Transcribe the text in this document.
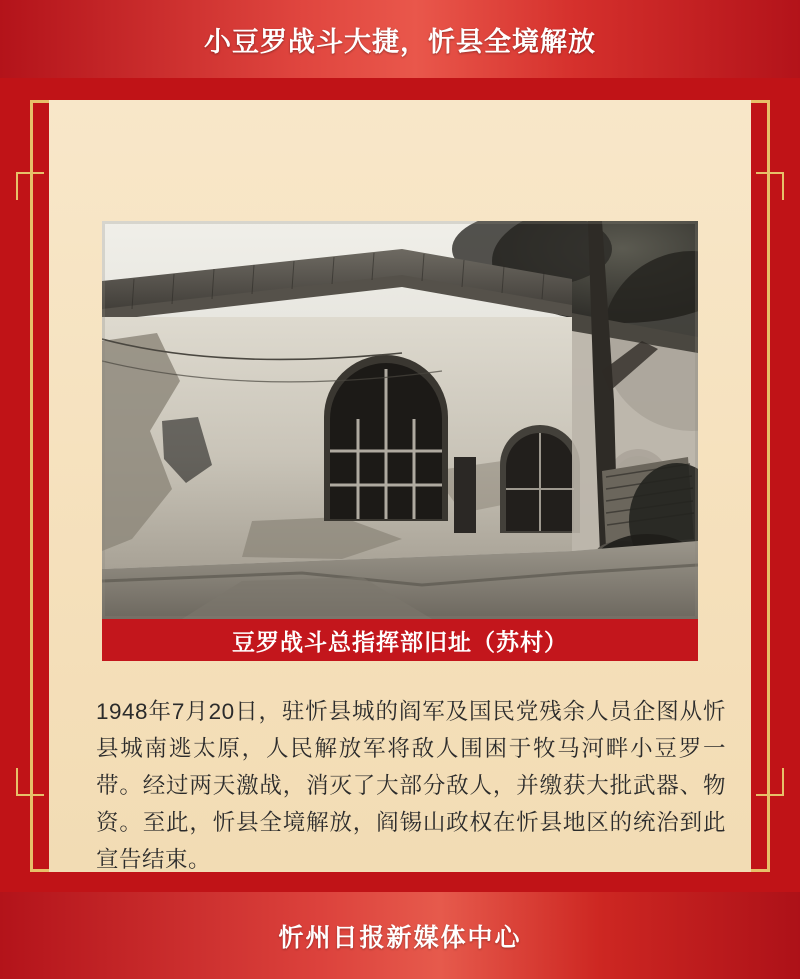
小豆罗战斗大捷，忻县全境解放
豆罗战斗总指挥部旧址（苏村）
1948年7月20日，驻忻县城的阎军及国民党残余人员企图从忻县城南逃太原，人民解放军将敌人围困于牧马河畔小豆罗一带。经过两天激战，消灭了大部分敌人，并缴获大批武器、物资。至此，忻县全境解放，阎锡山政权在忻县地区的统治到此宣告结束。
忻州日报新媒体中心
